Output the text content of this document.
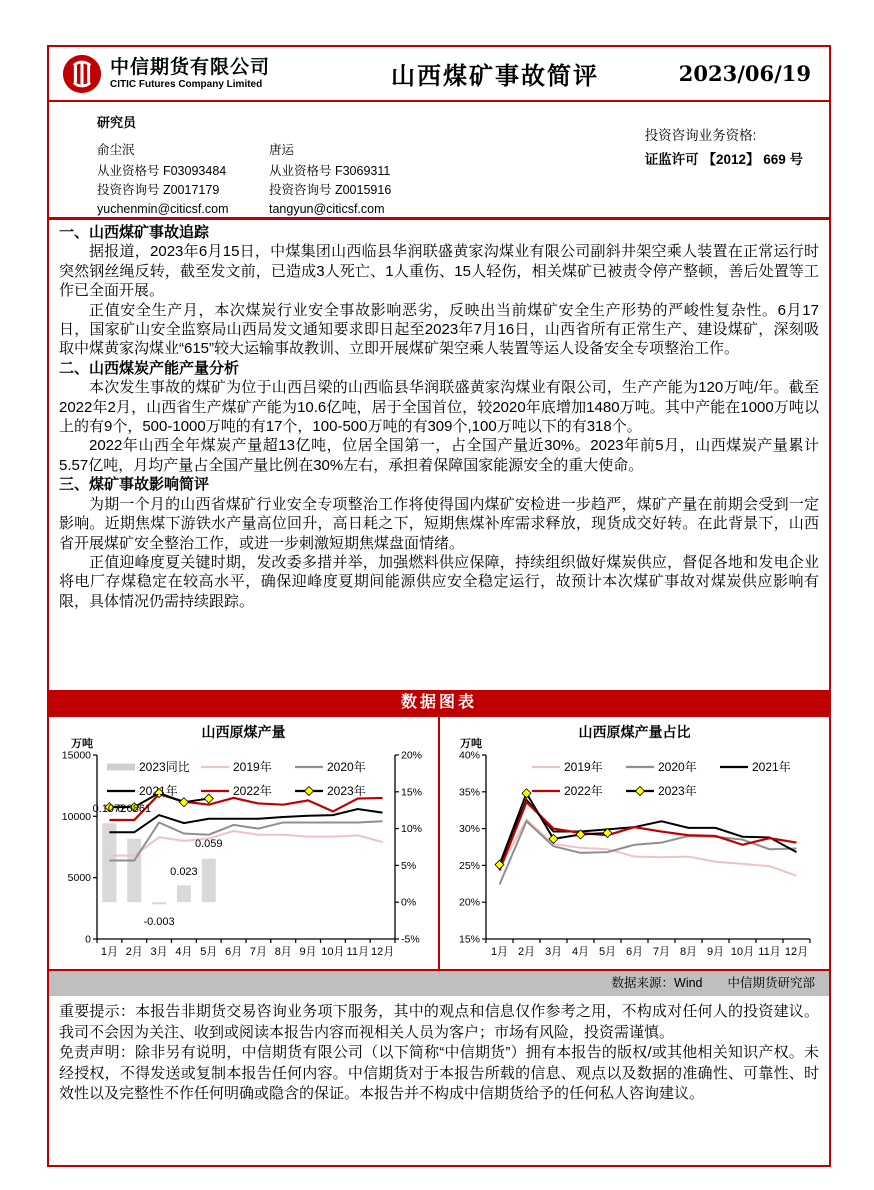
中信期货有限公司
CITIC Futures Company Limited	山西煤矿事故简评	2023/06/19
研究员
俞尘泯
从业资格号 F03093484
投资咨询号 Z0017179
yuchenmin@citicsf.com
唐运
从业资格号 F3069311
投资咨询号 Z0015916
tangyun@citicsf.com
投资咨询业务资格:
证监许可 【2012】 669 号
一、山西煤矿事故追踪

据报道，2023年6月15日，中煤集团山西临县华润联盛黄家沟煤业有限公司副斜井架空乘人装置在正常运行时突然钢丝绳反转，截至发文前，已造成3人死亡、1人重伤、15人轻伤，相关煤矿已被责令停产整顿，善后处置等工作已全面开展。

正值安全生产月，本次煤炭行业安全事故影响恶劣，反映出当前煤矿安全生产形势的严峻性复杂性。6月17日，国家矿山安全监察局山西局发文通知要求即日起至2023年7月16日，山西省所有正常生产、建设煤矿，深刻吸取中煤黄家沟煤业“615”较大运输事故教训、立即开展煤矿架空乘人装置等运人设备安全专项整治工作。

二、山西煤炭产能产量分析

本次发生事故的煤矿为位于山西吕梁的山西临县华润联盛黄家沟煤业有限公司，生产产能为120万吨/年。截至2022年2月，山西省生产煤矿产能为10.6亿吨，居于全国首位，较2020年底增加1480万吨。其中产能在1000万吨以上的有9个，500-1000万吨的有17个，100-500万吨的有309个,100万吨以下的有318个。

2022年山西全年煤炭产量超13亿吨，位居全国第一，占全国产量近30%。2023年前5月，山西煤炭产量累计5.57亿吨，月均产量占全国产量比例在30%左右，承担着保障国家能源安全的重大使命。

三、煤矿事故影响简评

为期一个月的山西省煤矿行业安全专项整治工作将使得国内煤矿安检进一步趋严，煤矿产量在前期会受到一定影响。近期焦煤下游铁水产量高位回升，高日耗之下，短期焦煤补库需求释放，现货成交好转。在此背景下，山西省开展煤矿安全整治工作，或进一步刺激短期焦煤盘面情绪。

正值迎峰度夏关键时期，发改委多措并举，加强燃料供应保障，持续组织做好煤炭供应，督促各地和发电企业将电厂存煤稳定在较高水平，确保迎峰度夏期间能源供应安全稳定运行，故预计本次煤矿事故对煤炭供应影响有限，具体情况仍需持续跟踪。

数据图表
山西原煤产量
0
5000
10000
15000
-5%
0%
5%
10%
15%
20%
1月 2月 3月 4月 5月 6月 7月 8月 9月 10月 11月 12月
万吨
0.1072
0.0861
-0.003
0.023
0.059
2023同比	2019年	2020年
2021年	2022年	2023年
山西原煤产量占比
15%
20%
25%
30%
35%
40%
1月 2月 3月 4月 5月 6月 7月 8月 9月 10月 11月 12月
万吨
2019年	2020年	2021年
2022年	2023年
数据来源：Wind　　中信期货研究部

重要提示：本报告非期货交易咨询业务项下服务，其中的观点和信息仅作参考之用，不构成对任何人的投资建议。我司不会因为关注、收到或阅读本报告内容而视相关人员为客户；市场有风险，投资需谨慎。

免责声明：除非另有说明，中信期货有限公司（以下简称“中信期货”）拥有本报告的版权/或其他相关知识产权。未经授权，不得发送或复制本报告任何内容。中信期货对于本报告所载的信息、观点以及数据的准确性、可靠性、时效性以及完整性不作任何明确或隐含的保证。本报告并不构成中信期货给予的任何私人咨询建议。
